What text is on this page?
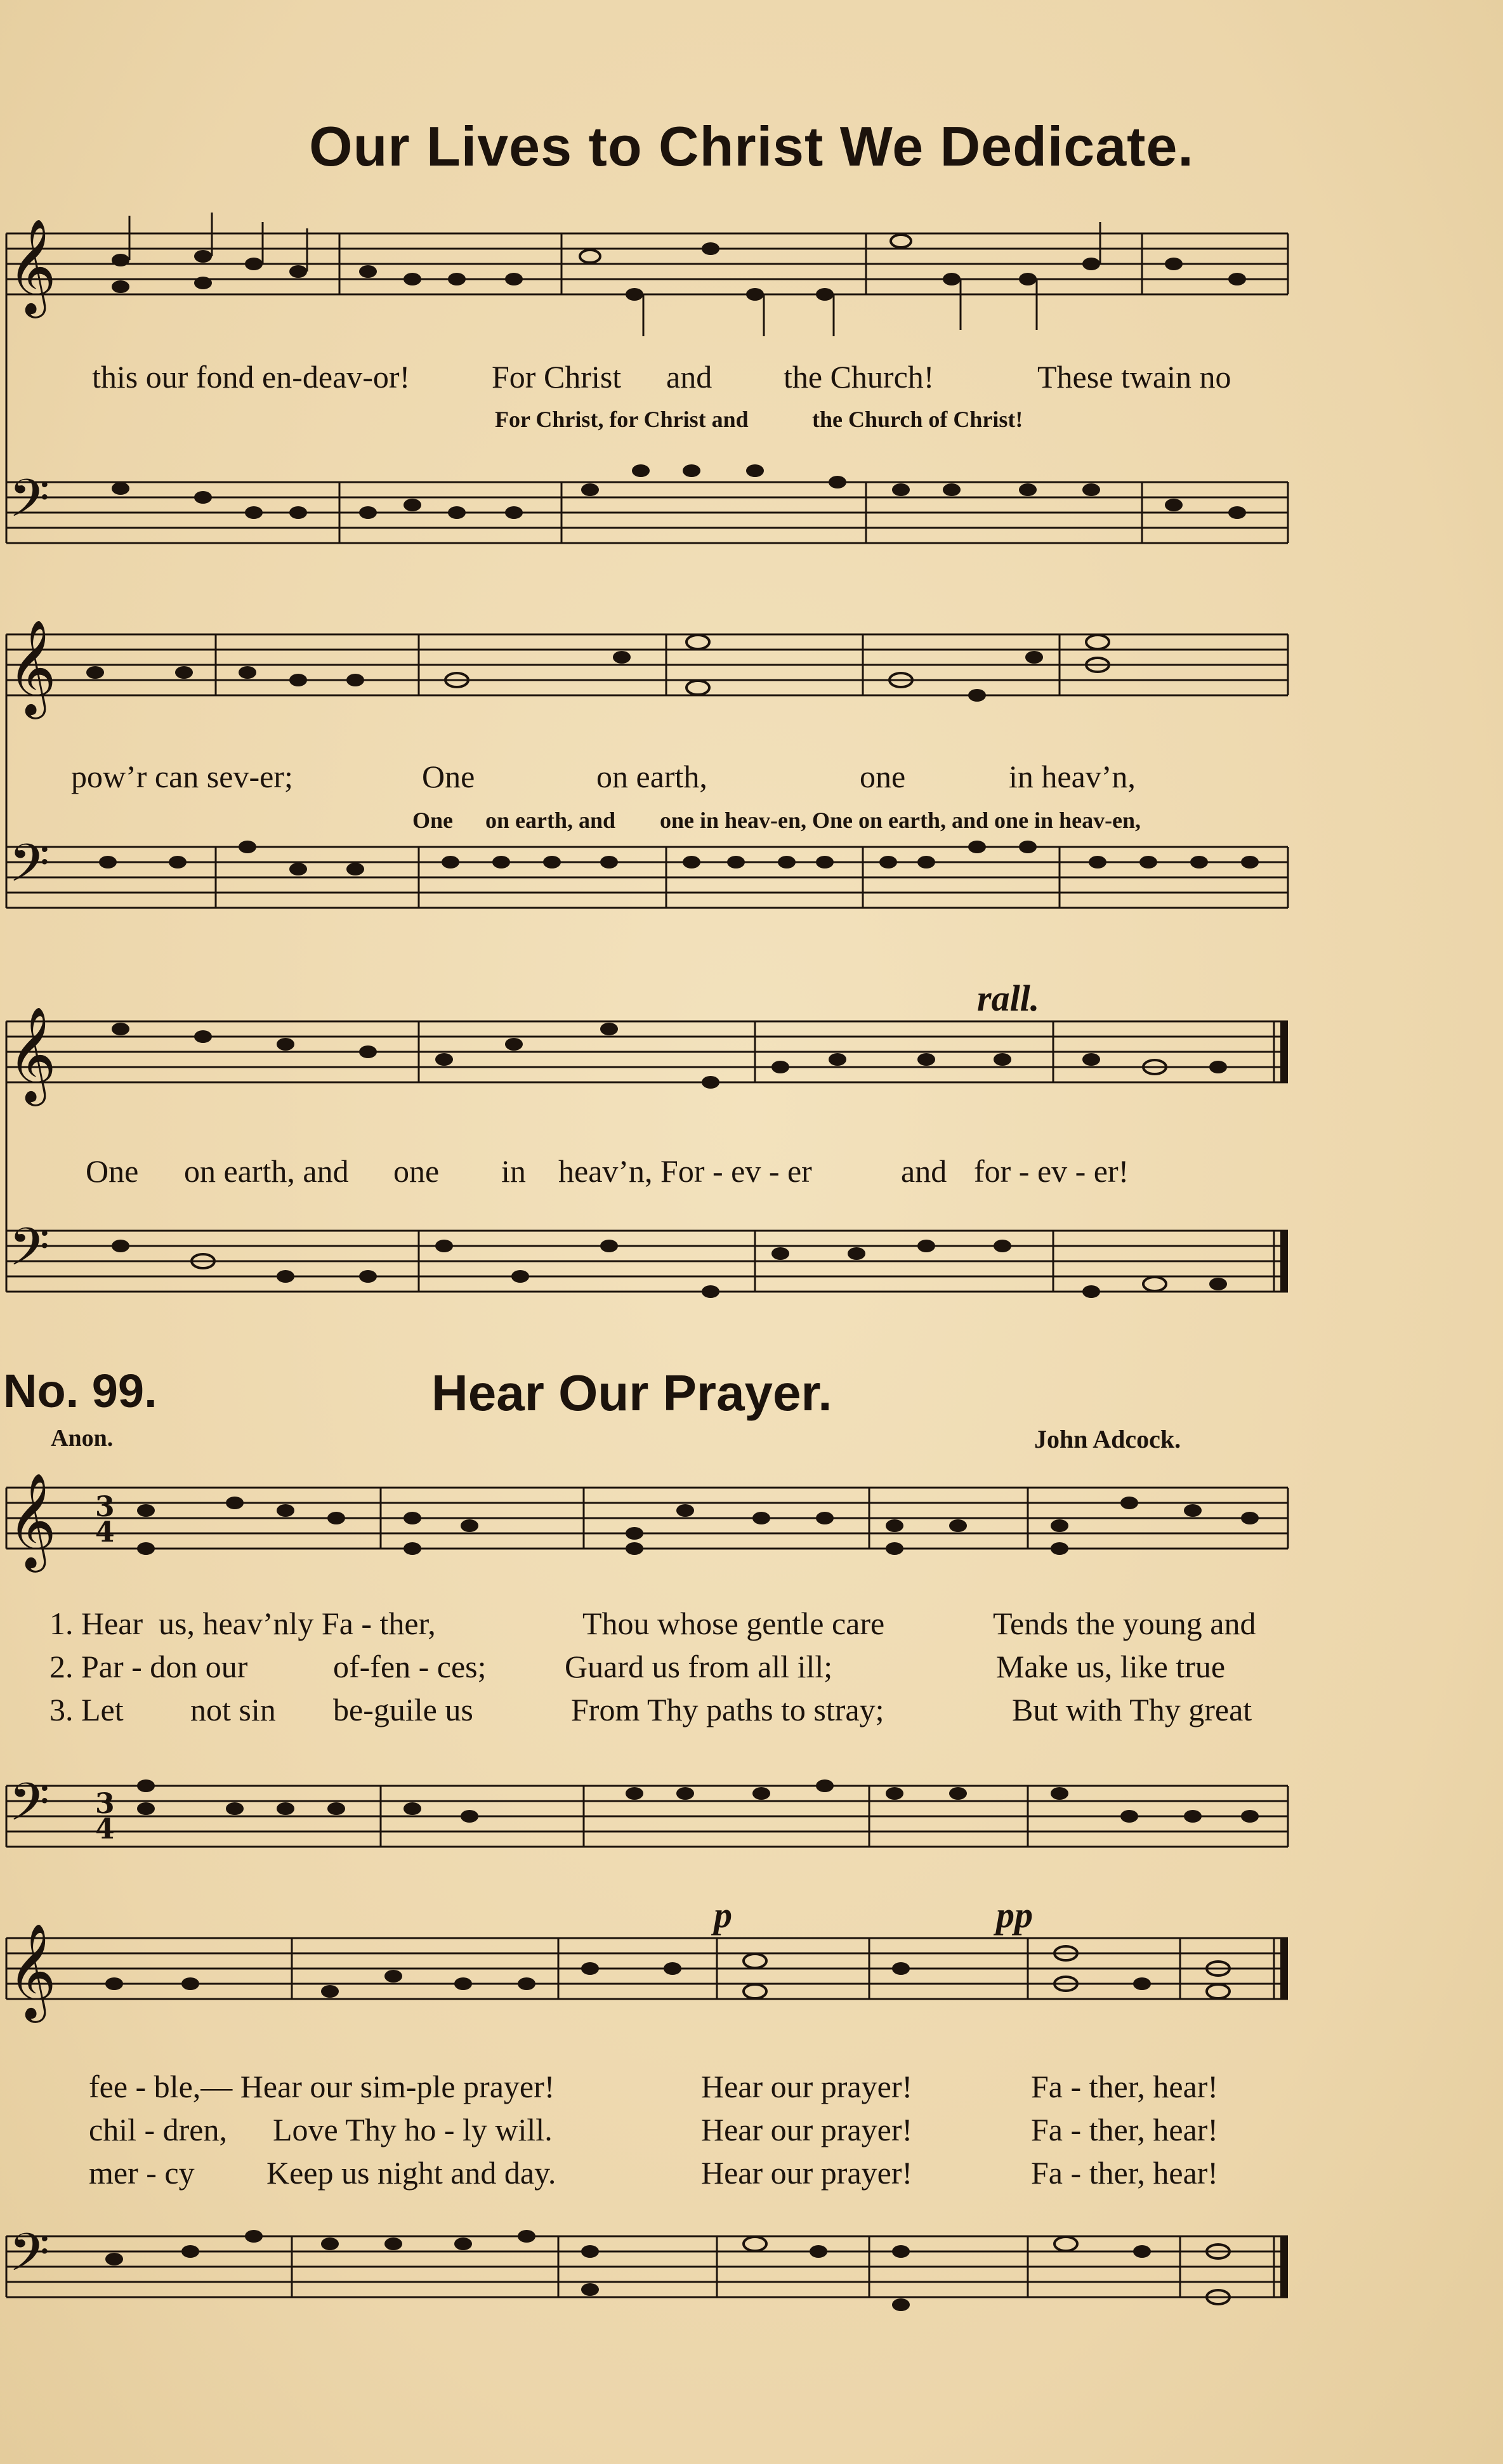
Our Lives to Christ We Dedicate.
𝄞
𝄢
this our fond en-deav-or!	For Christ and the Church!	These twain no
For Christ, for Christ and	the Church of Christ!
𝄞
𝄢
pow’r can sev-er;	One	on earth,	one	in heav’n,
One on earth, and one in heav-en, One on earth, and one in heav-en,
rall.
𝄞
𝄢
One on earth, and one in heav’n, For - ev - er	and for - ev - er!
No. 99.	Hear Our Prayer.
Anon.	John Adcock.
𝄞 3
4
1. Hear us, heav’nly Fa - ther,	Thou whose gentle care	Tends the young and
2. Par - don our	of-fen - ces; Guard us from all ill;	Make us, like true
3. Let not sin be-guile us	From Thy paths to stray;	But with Thy great
𝄢 3
4
p	pp
𝄞
fee - ble,— Hear our sim-ple prayer!	Hear our prayer!	Fa - ther, hear!
chil - dren, Love Thy ho - ly will.	Hear our prayer!	Fa - ther, hear!
mer - cy Keep us night and day.	Hear our prayer!	Fa - ther, hear!
𝄢
